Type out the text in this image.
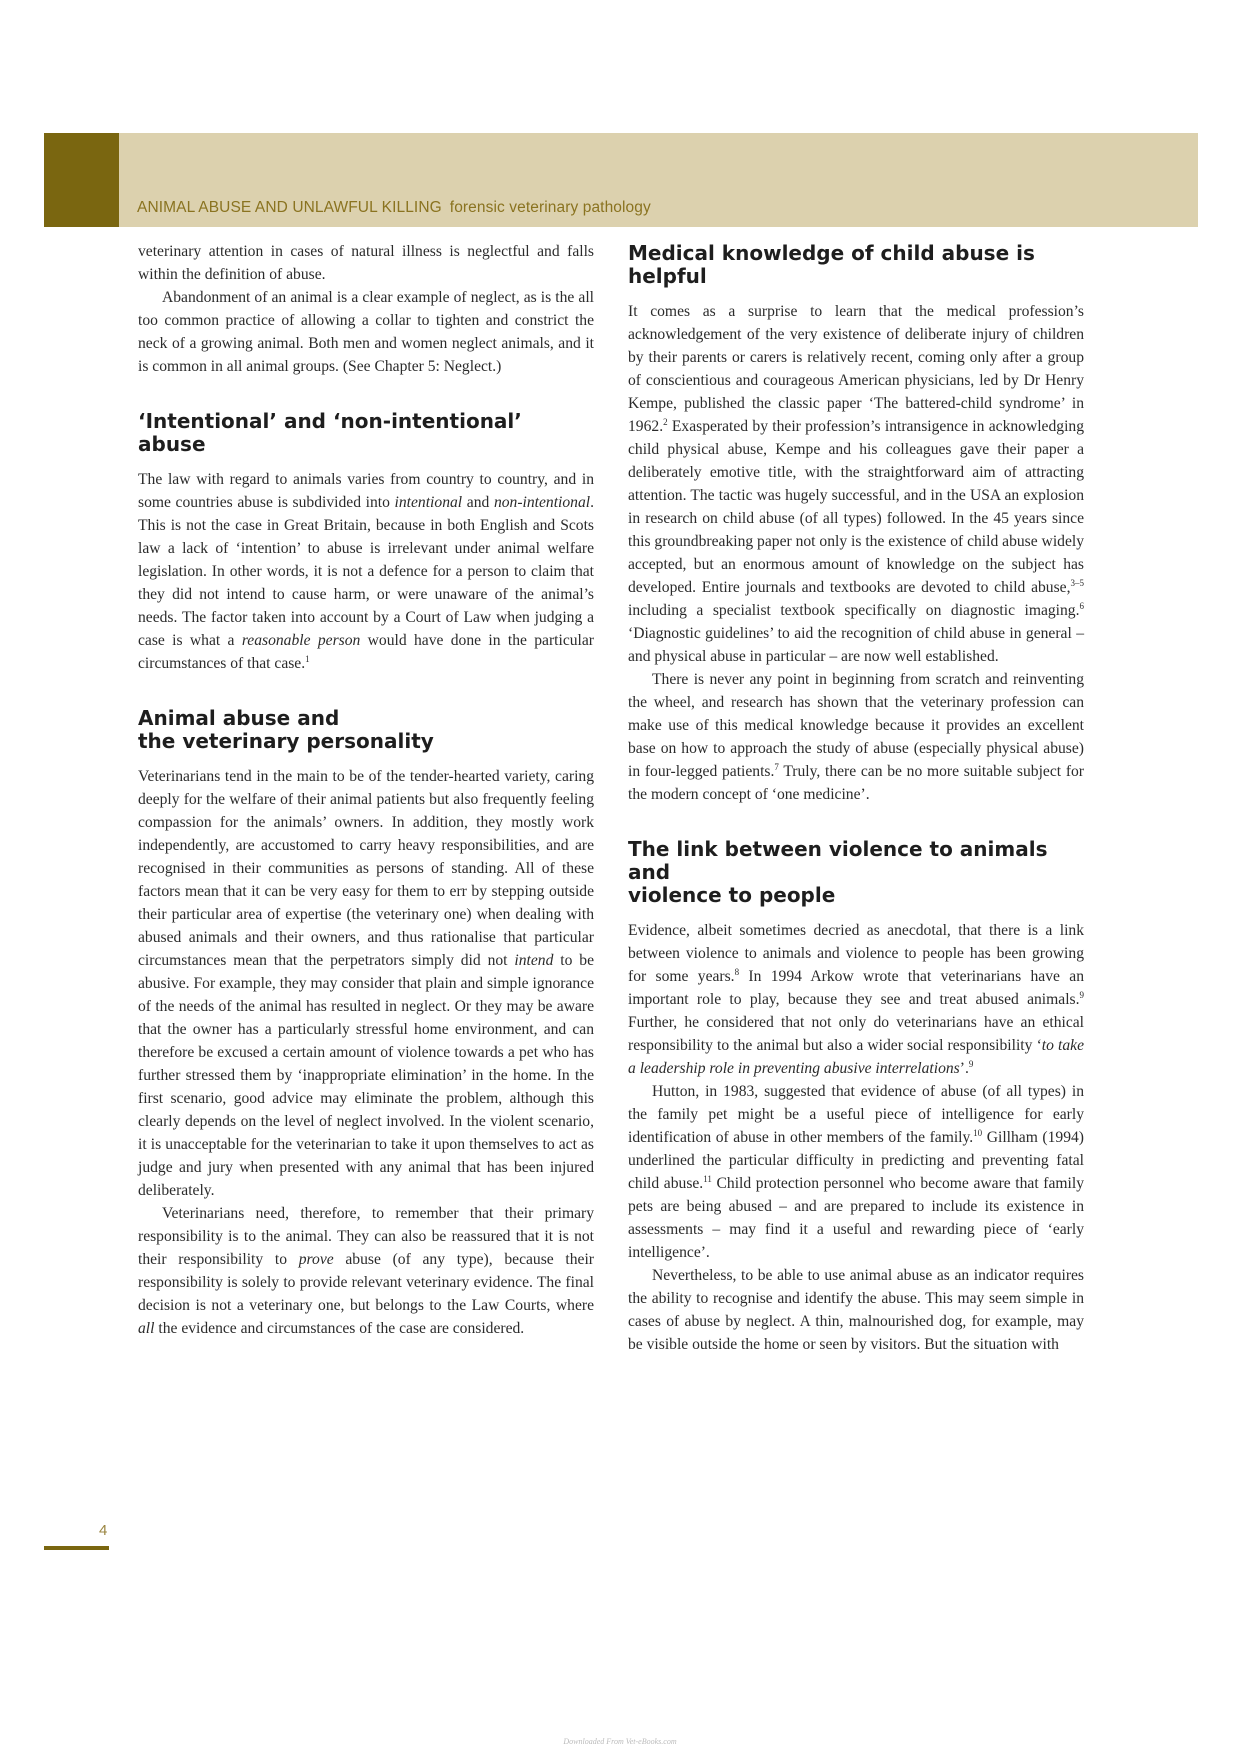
ANIMAL ABUSE AND UNLAWFUL KILLING forensic veterinary pathology

veterinary attention in cases of natural illness is neglectful and falls within the definition of abuse.

Abandonment of an animal is a clear example of neglect, as is the all too common practice of allowing a collar to tighten and constrict the neck of a growing animal. Both men and women neglect animals, and it is common in all animal groups. (See Chapter 5: Neglect.)

‘Intentional’ and ‘non-intentional’ abuse

The law with regard to animals varies from country to country, and in some countries abuse is subdivided into intentional and non-intentional. This is not the case in Great Britain, because in both English and Scots law a lack of ‘intention’ to abuse is irrelevant under animal welfare legislation. In other words, it is not a defence for a person to claim that they did not intend to cause harm, or were unaware of the animal’s needs. The factor taken into account by a Court of Law when judging a case is what a reasonable person would have done in the particular circumstances of that case.$^1$

Animal abuse and
the veterinary personality

Veterinarians tend in the main to be of the tender-hearted variety, caring deeply for the welfare of their animal patients but also frequently feeling compassion for the animals’ owners. In addition, they mostly work independently, are accustomed to carry heavy responsibilities, and are recognised in their communities as persons of standing. All of these factors mean that it can be very easy for them to err by stepping outside their particular area of expertise (the veterinary one) when dealing with abused animals and their owners, and thus rationalise that particular circumstances mean that the perpetrators simply did not intend to be abusive. For example, they may consider that plain and simple ignorance of the needs of the animal has resulted in neglect. Or they may be aware that the owner has a particularly stressful home environment, and can therefore be excused a certain amount of violence towards a pet who has further stressed them by ‘inappropriate elimination’ in the home. In the first scenario, good advice may eliminate the problem, although this clearly depends on the level of neglect involved. In the violent scenario, it is unacceptable for the veterinarian to take it upon themselves to act as judge and jury when presented with any animal that has been injured deliberately.

Veterinarians need, therefore, to remember that their primary responsibility is to the animal. They can also be reassured that it is not their responsibility to prove abuse (of any type), because their responsibility is solely to provide relevant veterinary evidence. The final decision is not a veterinary one, but belongs to the Law Courts, where all the evidence and circumstances of the case are considered.

Medical knowledge of child abuse is helpful

It comes as a surprise to learn that the medical profession’s acknowledgement of the very existence of deliberate injury of children by their parents or carers is relatively recent, coming only after a group of conscientious and courageous American physicians, led by Dr Henry Kempe, published the classic paper ‘The battered-child syndrome’ in 1962.$^2$ Exasperated by their profession’s intransigence in acknowledging child physical abuse, Kempe and his colleagues gave their paper a deliberately emotive title, with the straightforward aim of attracting attention. The tactic was hugely successful, and in the USA an explosion in research on child abuse (of all types) followed. In the 45 years since this groundbreaking paper not only is the existence of child abuse widely accepted, but an enormous amount of knowledge on the subject has developed. Entire journals and textbooks are devoted to child abuse,$^{3-5}$ including a specialist textbook specifically on diagnostic imaging.$^6$ ‘Diagnostic guidelines’ to aid the recognition of child abuse in general – and physical abuse in particular – are now well established.

There is never any point in beginning from scratch and reinventing the wheel, and research has shown that the veterinary profession can make use of this medical knowledge because it provides an excellent base on how to approach the study of abuse (especially physical abuse) in four-legged patients.$^7$ Truly, there can be no more suitable subject for the modern concept of ‘one medicine’.

The link between violence to animals and
violence to people

Evidence, albeit sometimes decried as anecdotal, that there is a link between violence to animals and violence to people has been growing for some years.$^8$ In 1994 Arkow wrote that veterinarians have an important role to play, because they see and treat abused animals.$^9$ Further, he considered that not only do veterinarians have an ethical responsibility to the animal but also a wider social responsibility ‘to take a leadership role in preventing abusive interrelations’.$^9$

Hutton, in 1983, suggested that evidence of abuse (of all types) in the family pet might be a useful piece of intelligence for early identification of abuse in other members of the family.$^{10}$ Gillham (1994) underlined the particular difficulty in predicting and preventing fatal child abuse.$^{11}$ Child protection personnel who become aware that family pets are being abused – and are prepared to include its existence in assessments – may find it a useful and rewarding piece of ‘early intelligence’.

Nevertheless, to be able to use animal abuse as an indicator requires the ability to recognise and identify the abuse. This may seem simple in cases of abuse by neglect. A thin, malnourished dog, for example, may be visible outside the home or seen by visitors. But the situation with

4
Downloaded From Vet-eBooks.com
